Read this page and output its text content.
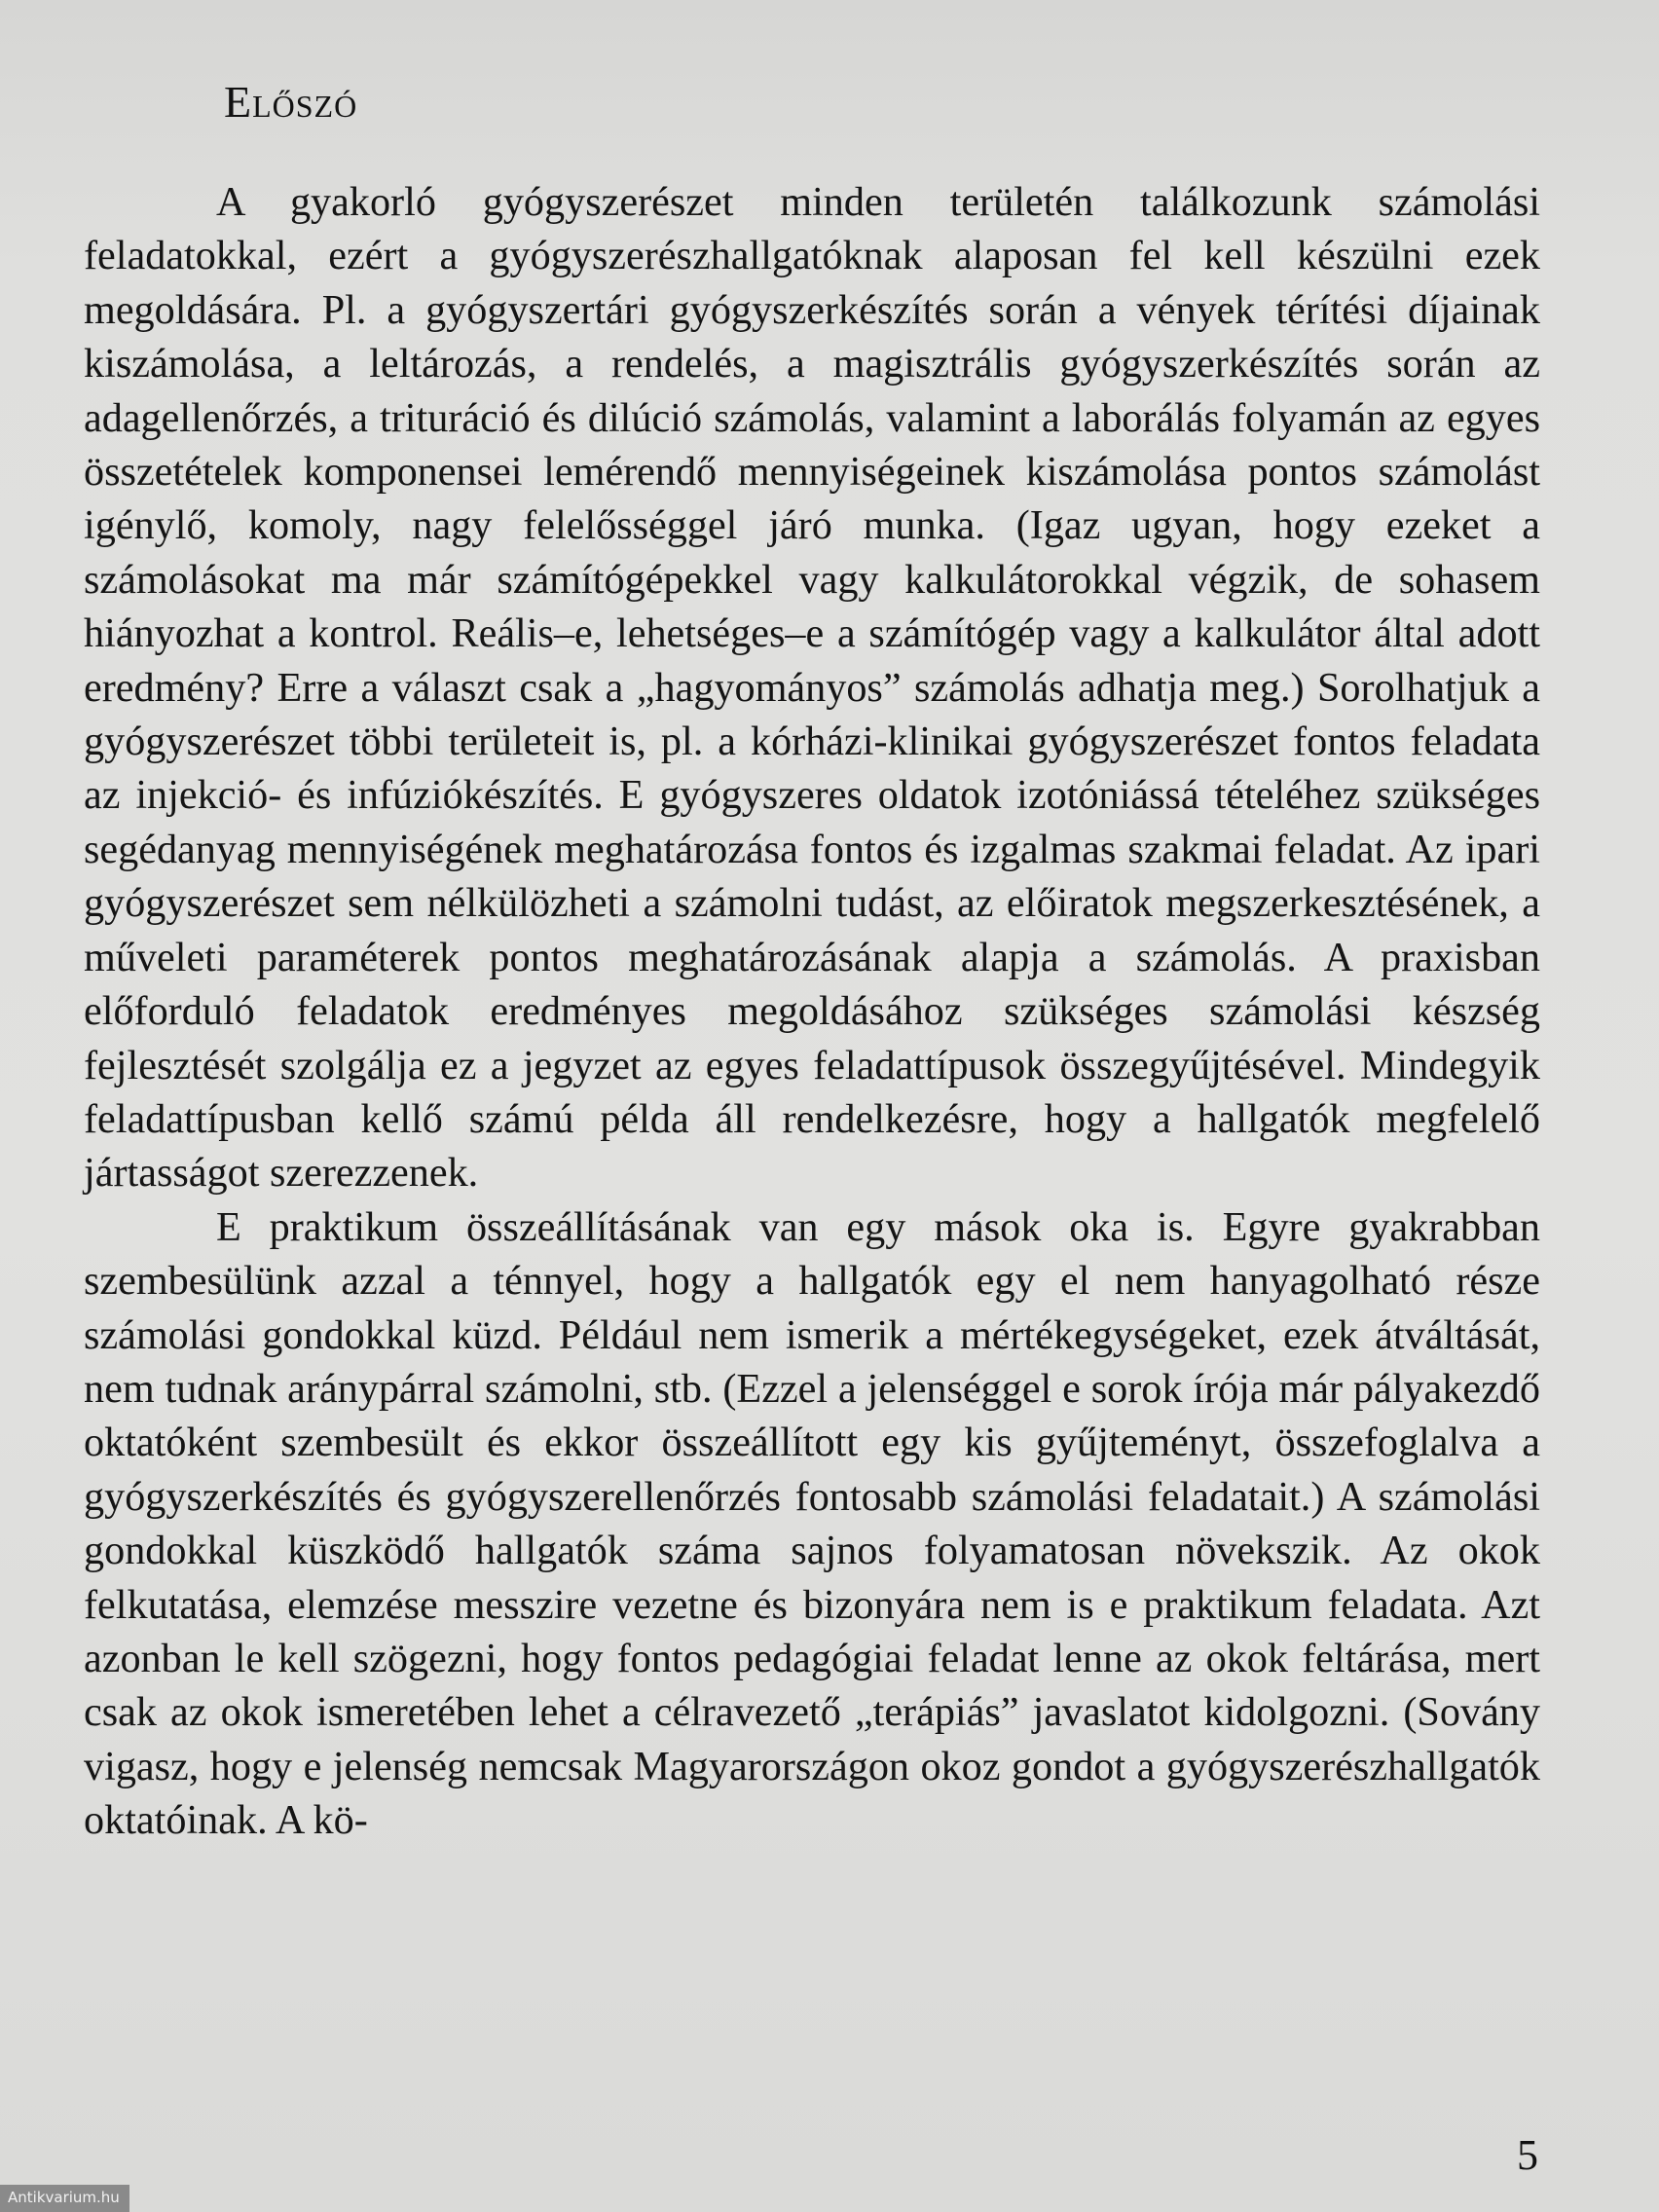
Előszó

A gyakorló gyógyszerészet minden területén találkozunk számolási feladatokkal, ezért a gyógyszerészhallgatóknak alaposan fel kell készülni ezek megoldására. Pl. a gyógyszertári gyógyszerkészítés során a vények térítési díjainak kiszámolása, a leltározás, a rendelés, a magisztrális gyógyszerkészítés során az adagellenőrzés, a trituráció és dilúció számolás, valamint a laborálás folyamán az egyes összetételek komponensei lemérendő mennyiségeinek kiszámolása pontos számolást igénylő, komoly, nagy felelősséggel járó munka. (Igaz ugyan, hogy ezeket a számolásokat ma már számítógépekkel vagy kalkulátorokkal végzik, de sohasem hiányozhat a kontrol. Reális–e, lehetséges–e a számítógép vagy a kalkulátor által adott eredmény? Erre a választ csak a „hagyományos” számolás adhatja meg.) Sorolhatjuk a gyógyszerészet többi területeit is, pl. a kórházi-klinikai gyógyszerészet fontos feladata az injekció- és infúziókészítés. E gyógyszeres oldatok izotóniássá tételéhez szükséges segédanyag mennyiségének meghatározása fontos és izgalmas szakmai feladat. Az ipari gyógyszerészet sem nélkülözheti a számolni tudást, az előiratok megszerkesztésének, a műveleti paraméterek pontos meghatározásának alapja a számolás. A praxisban előforduló feladatok eredményes megoldásához szükséges számolási készség fejlesztését szolgálja ez a jegyzet az egyes feladattípusok összegyűjtésével. Mindegyik feladattípusban kellő számú példa áll rendelkezésre, hogy a hallgatók megfelelő jártasságot szerezzenek.

E praktikum összeállításának van egy mások oka is. Egyre gyakrabban szembesülünk azzal a ténnyel, hogy a hallgatók egy el nem hanyagolható része számolási gondokkal küzd. Például nem ismerik a mértékegységeket, ezek átváltását, nem tudnak aránypárral számolni, stb. (Ezzel a jelenséggel e sorok írója már pályakezdő oktatóként szembesült és ekkor összeállított egy kis gyűjteményt, összefoglalva a gyógyszerkészítés és gyógyszerellenőrzés fontosabb számolási feladatait.) A számolási gondokkal küszködő hallgatók száma sajnos folyamatosan növekszik. Az okok felkutatása, elemzése messzire vezetne és bizonyára nem is e praktikum feladata. Azt azonban le kell szögezni, hogy fontos pedagógiai feladat lenne az okok feltárása, mert csak az okok ismeretében lehet a célravezető „terápiás” javaslatot kidolgozni. (Sovány vigasz, hogy e jelenség nemcsak Magyarországon okoz gondot a gyógyszerészhallgatók oktatóinak. A kö-

5
Antikvarium.hu
